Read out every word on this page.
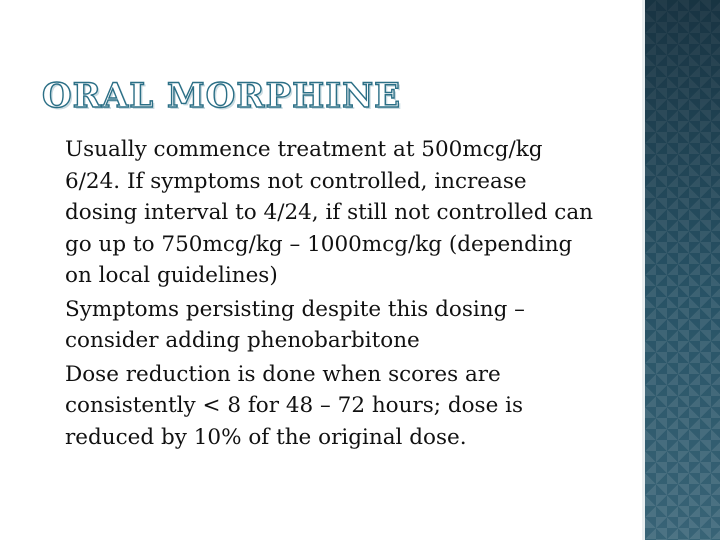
ORAL MORPHINE
Usually commence treatment at 500mcg/kg 6/24. If symptoms not controlled, increase dosing interval to 4/24, if still not controlled can go up to 750mcg/kg – 1000mcg/kg (depending on local guidelines)
Symptoms persisting despite this dosing – consider adding phenobarbitone
Dose reduction is done when scores are consistently < 8 for 48 – 72 hours; dose is reduced by 10% of the original dose.
